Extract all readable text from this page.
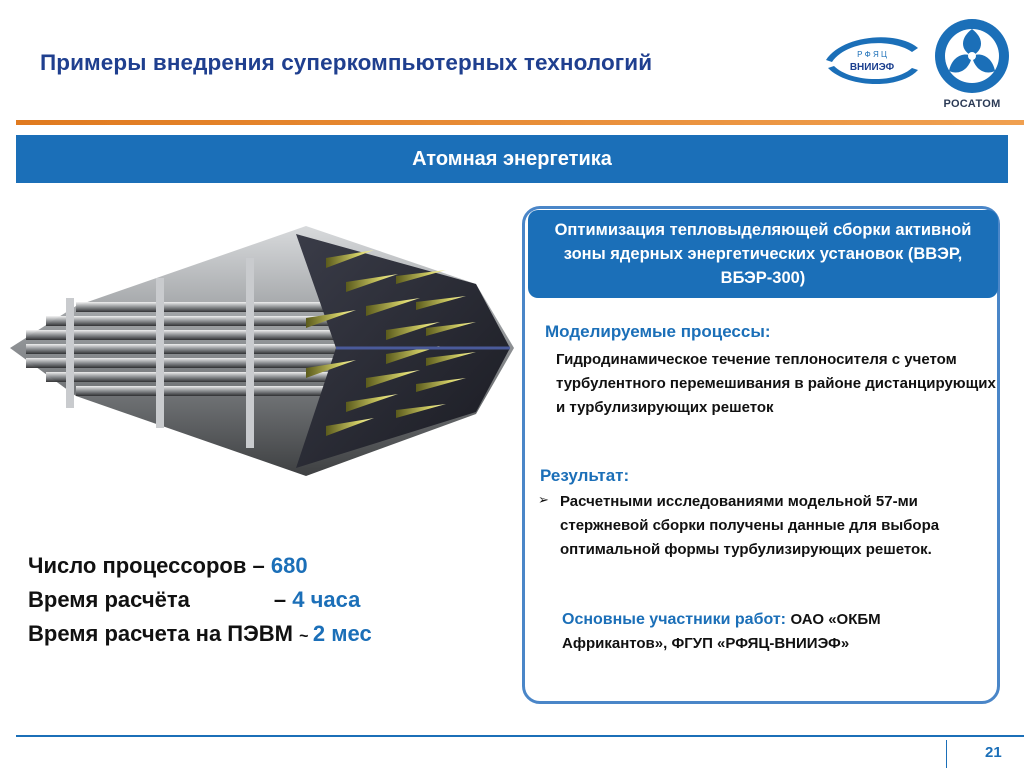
Примеры внедрения суперкомпьютерных технологий	Р Ф Я Ц
ВНИИЭФ
РОСАТОМ
Атомная энергетика
Число процессоров – 680
Время расчёта	– 4 часа
Время расчета на ПЭВМ ~ 2 мес
Оптимизация тепловыделяющей сборки активной зоны ядерных энергетических установок (ВВЭР, ВБЭР-300)
Моделируемые процессы:
Гидродинамическое течение теплоносителя с учетом турбулентного перемешивания в районе дистанцирующих и турбулизирующих решеток
Результат:
➢ Расчетными исследованиями модельной 57-ми стержневой сборки получены данные для выбора оптимальной формы турбулизирующих решеток.
Основные участники работ: ОАО «ОКБМ Африкантов», ФГУП «РФЯЦ-ВНИИЭФ»
21
